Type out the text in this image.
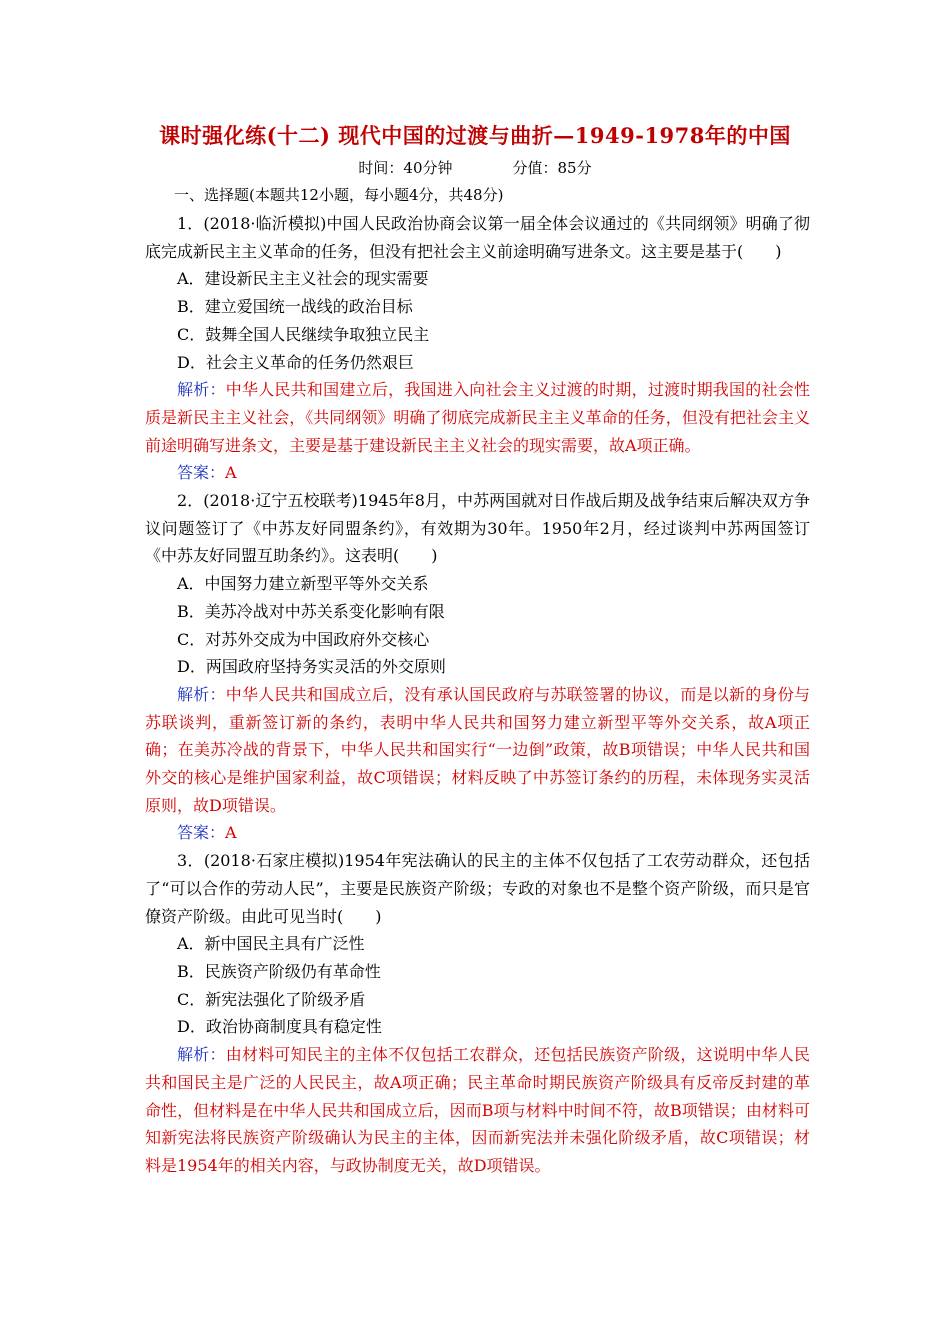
课时强化练(十二) 现代中国的过渡与曲折—1949-1978年的中国
时间：40分钟	分值：85分
一、选择题(本题共12小题，每小题4分，共48分)

1．(2018·临沂模拟)中国人民政治协商会议第一届全体会议通过的《共同纲领》明确了彻底完成新民主主义革命的任务，但没有把社会主义前途明确写进条文。这主要是基于(　　)

A．建设新民主主义社会的现实需要

B．建立爱国统一战线的政治目标

C．鼓舞全国人民继续争取独立民主

D．社会主义革命的任务仍然艰巨

解析：中华人民共和国建立后，我国进入向社会主义过渡的时期，过渡时期我国的社会性质是新民主主义社会，《共同纲领》明确了彻底完成新民主主义革命的任务，但没有把社会主义前途明确写进条文，主要是基于建设新民主主义社会的现实需要，故A项正确。

答案：A

2．(2018·辽宁五校联考)1945年8月，中苏两国就对日作战后期及战争结束后解决双方争议问题签订了《中苏友好同盟条约》，有效期为30年。1950年2月，经过谈判中苏两国签订《中苏友好同盟互助条约》。这表明(　　)

A．中国努力建立新型平等外交关系

B．美苏冷战对中苏关系变化影响有限

C．对苏外交成为中国政府外交核心

D．两国政府坚持务实灵活的外交原则

解析：中华人民共和国成立后，没有承认国民政府与苏联签署的协议，而是以新的身份与苏联谈判，重新签订新的条约，表明中华人民共和国努力建立新型平等外交关系，故A项正确；在美苏冷战的背景下，中华人民共和国实行“一边倒”政策，故B项错误；中华人民共和国外交的核心是维护国家利益，故C项错误；材料反映了中苏签订条约的历程，未体现务实灵活原则，故D项错误。

答案：A

3．(2018·石家庄模拟)1954年宪法确认的民主的主体不仅包括了工农劳动群众，还包括了“可以合作的劳动人民”，主要是民族资产阶级；专政的对象也不是整个资产阶级，而只是官僚资产阶级。由此可见当时(　　)

A．新中国民主具有广泛性

B．民族资产阶级仍有革命性

C．新宪法强化了阶级矛盾

D．政治协商制度具有稳定性

解析：由材料可知民主的主体不仅包括工农群众，还包括民族资产阶级，这说明中华人民共和国民主是广泛的人民民主，故A项正确；民主革命时期民族资产阶级具有反帝反封建的革命性，但材料是在中华人民共和国成立后，因而B项与材料中时间不符，故B项错误；由材料可知新宪法将民族资产阶级确认为民主的主体，因而新宪法并未强化阶级矛盾，故C项错误；材料是1954年的相关内容，与政协制度无关，故D项错误。
